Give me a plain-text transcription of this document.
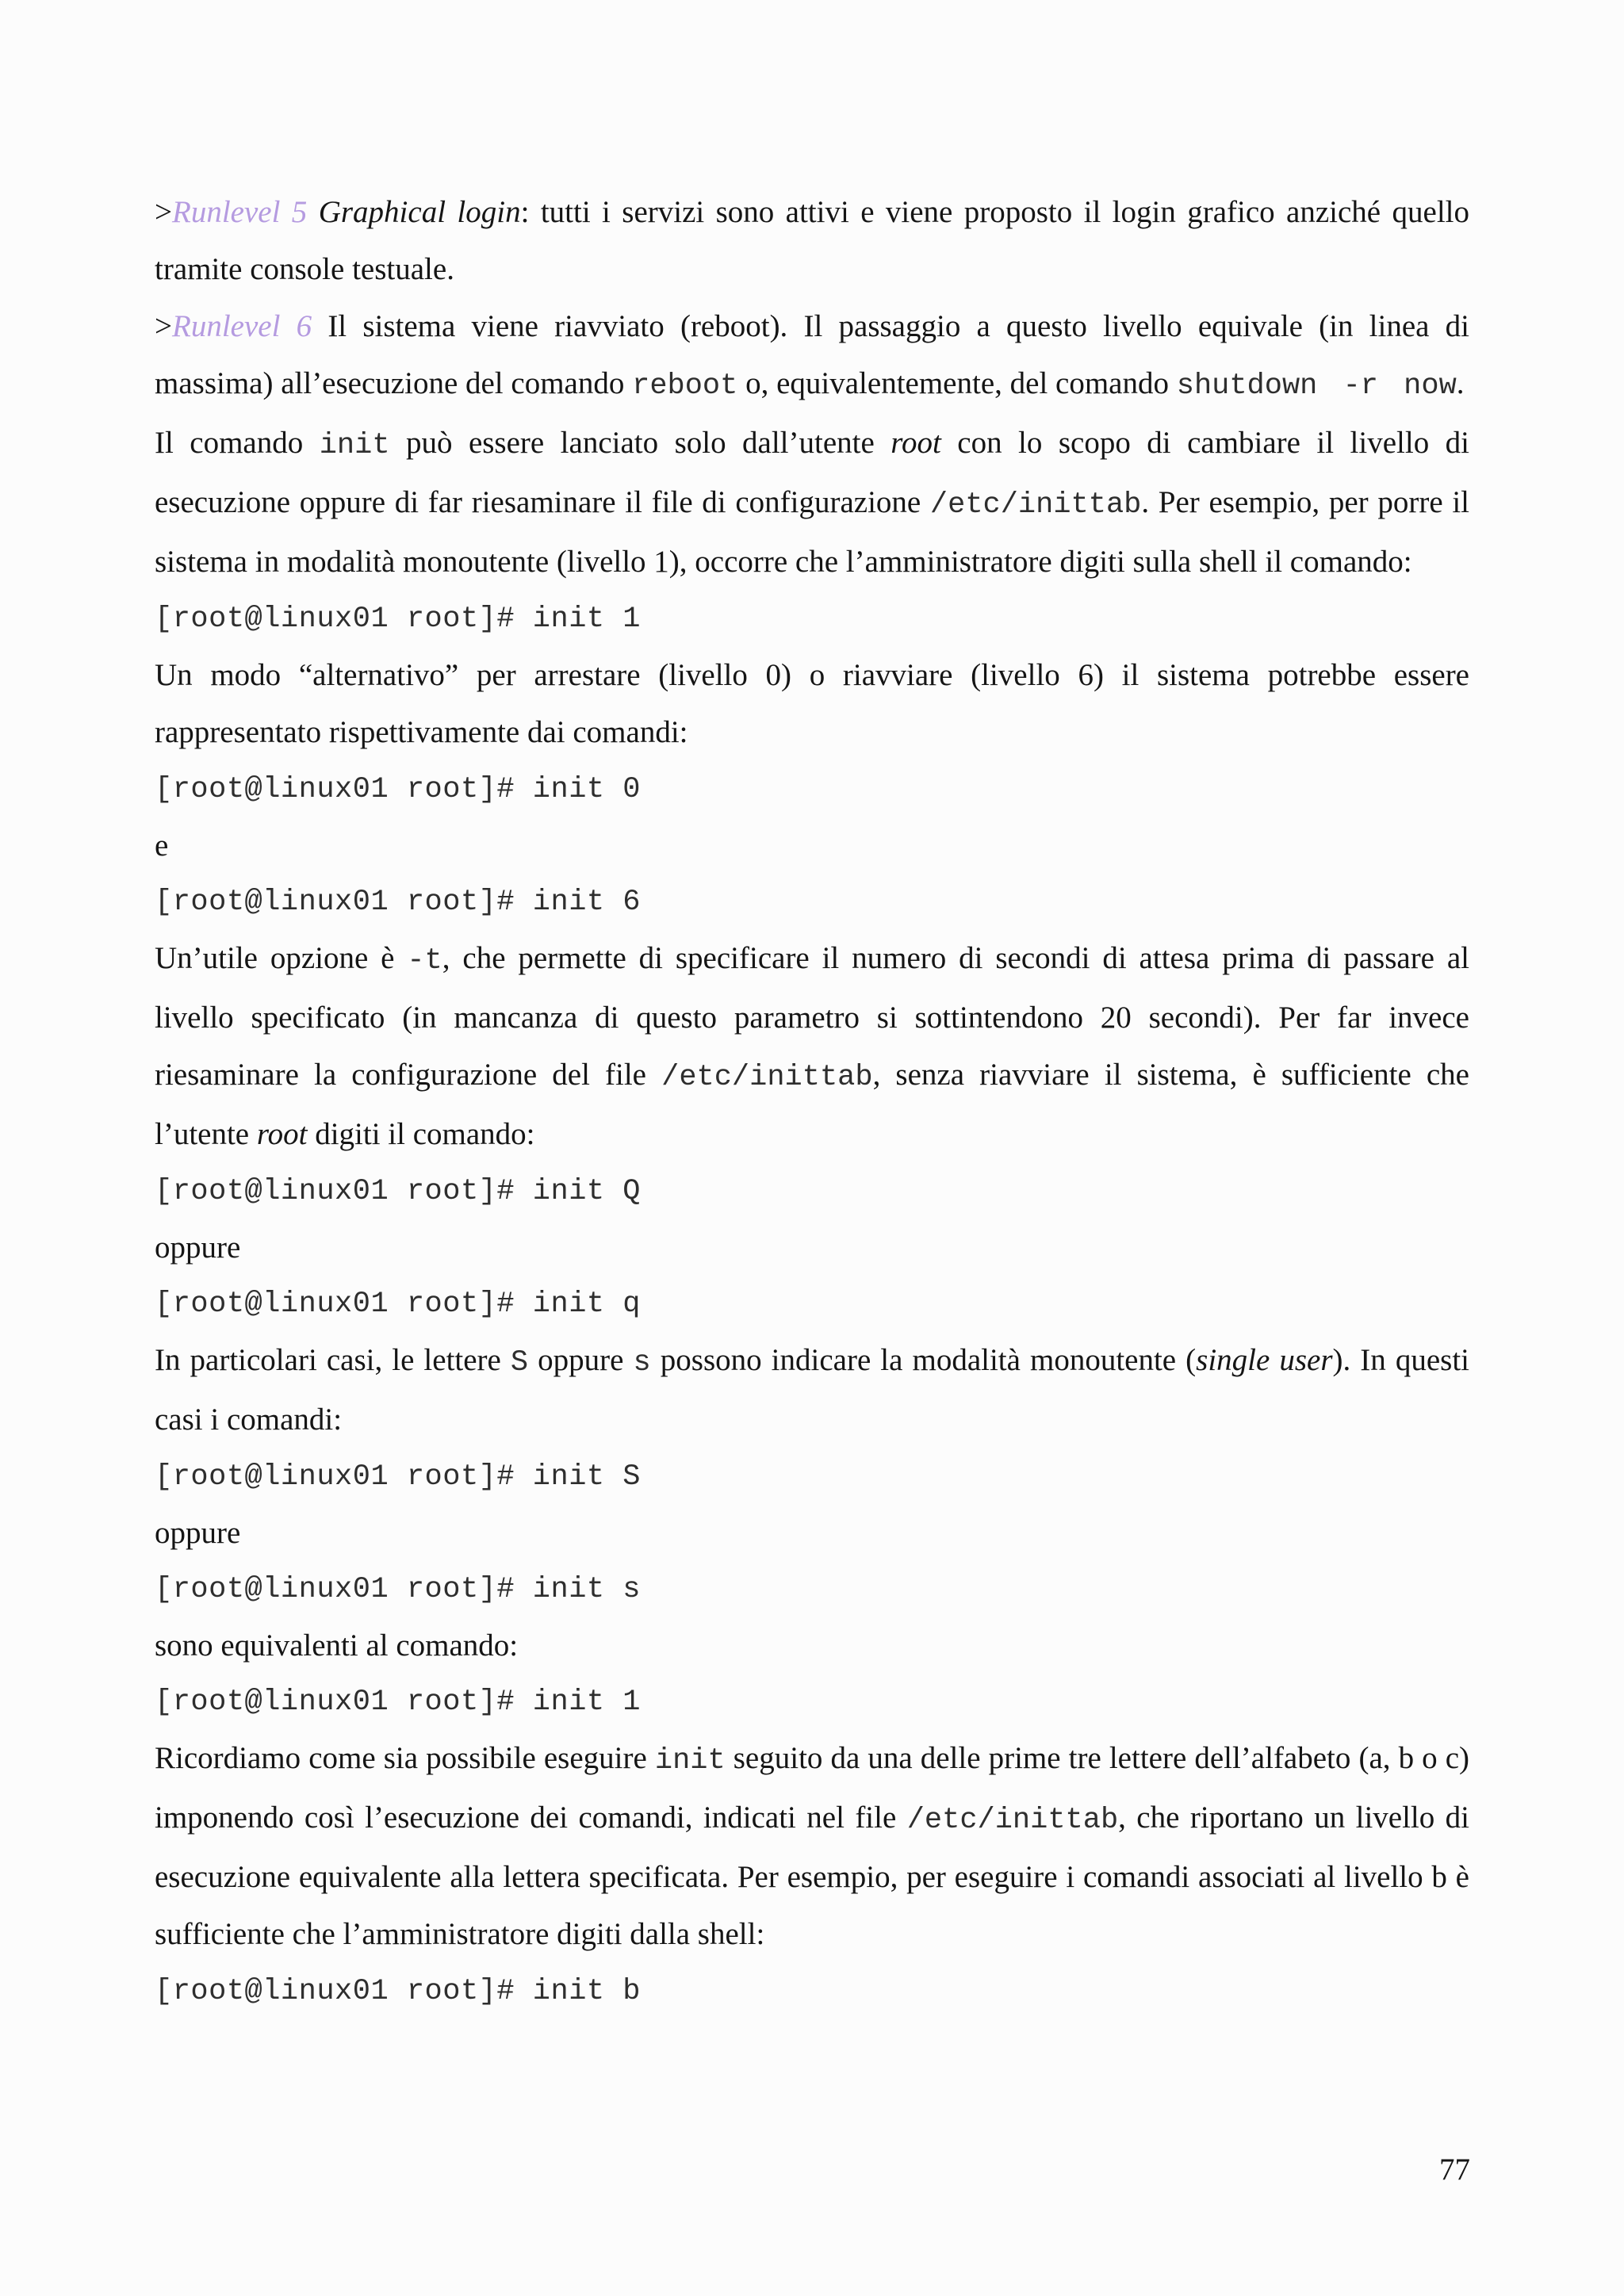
>Runlevel 5 Graphical login: tutti i servizi sono attivi e viene proposto il login grafico anziché quello tramite console testuale.

>Runlevel 6 Il sistema viene riavviato (reboot). Il passaggio a questo livello equivale (in linea di massima) all’esecuzione del comando reboot o, equivalentemente, del comando shutdown -r now.

Il comando init può essere lanciato solo dall’utente root con lo scopo di cambiare il livello di esecuzione oppure di far riesaminare il file di configurazione /etc/inittab. Per esempio, per porre il sistema in modalità monoutente (livello 1), occorre che l’amministratore digiti sulla shell il comando:

[root@linux01 root]# init 1

Un modo “alternativo” per arrestare (livello 0) o riavviare (livello 6) il sistema potrebbe essere rappresentato rispettivamente dai comandi:

[root@linux01 root]# init 0

e

[root@linux01 root]# init 6

Un’utile opzione è -t, che permette di specificare il numero di secondi di attesa prima di passare al livello specificato (in mancanza di questo parametro si sottintendono 20 secondi). Per far invece riesaminare la configurazione del file /etc/inittab, senza riavviare il sistema, è sufficiente che l’utente root digiti il comando:

[root@linux01 root]# init Q

oppure

[root@linux01 root]# init q

In particolari casi, le lettere S oppure s possono indicare la modalità monoutente (single user). In questi casi i comandi:

[root@linux01 root]# init S

oppure

[root@linux01 root]# init s

sono equivalenti al comando:

[root@linux01 root]# init 1

Ricordiamo come sia possibile eseguire init seguito da una delle prime tre lettere dell’alfabeto (a, b o c) imponendo così l’esecuzione dei comandi, indicati nel file /etc/inittab, che riportano un livello di esecuzione equivalente alla lettera specificata. Per esempio, per eseguire i comandi associati al livello b è sufficiente che l’amministratore digiti dalla shell:

[root@linux01 root]# init b

77
